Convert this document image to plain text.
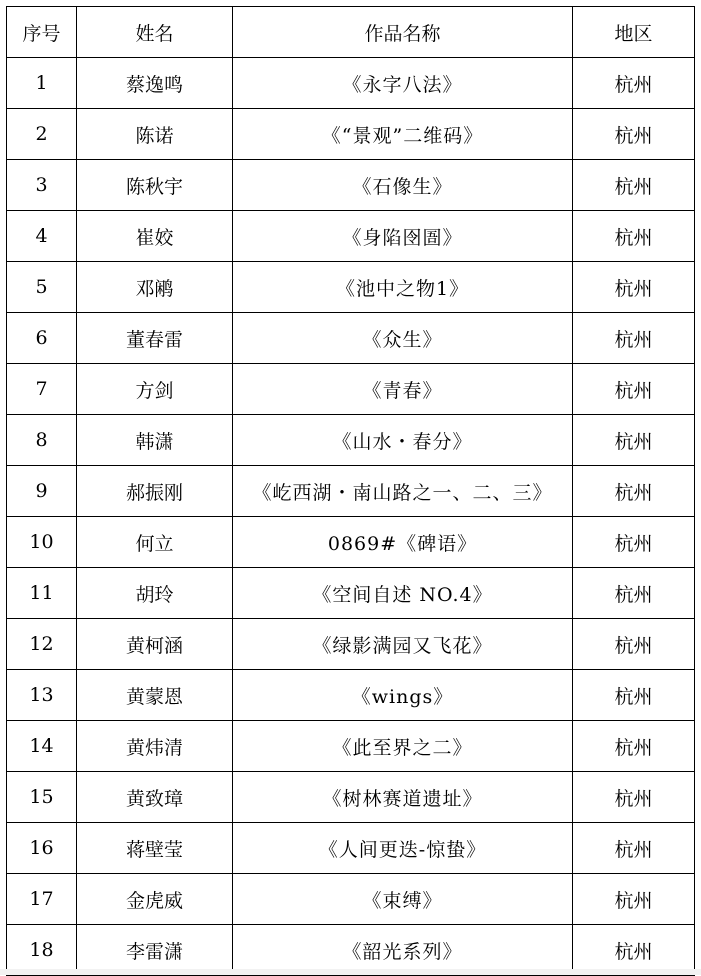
序号	姓名	作品名称	地区
1	蔡逸鸣	《永字八法》	杭州
2	陈诺	《“景观”二维码》	杭州
3	陈秋宇	《石像生》	杭州
4	崔姣	《身陷囹圄》	杭州
5	邓鹇	《池中之物1》	杭州
6	董春雷	《众生》	杭州
7	方剑	《青春》	杭州
8	韩潇	《山水・春分》	杭州
9	郝振刚	《屹西湖・南山路之一、二、三》	杭州
10	何立	0869#《碑语》	杭州
11	胡玲	《空间自述 NO.4》	杭州
12	黄柯涵	《绿影满园又飞花》	杭州
13	黄蒙恩	《wings》	杭州
14	黄炜清	《此至界之二》	杭州
15	黄致璋	《树林赛道遗址》	杭州
16	蒋壁莹	《人间更迭-惊蛰》	杭州
17	金虎威	《束缚》	杭州
18	李雷潇	《韶光系列》	杭州
